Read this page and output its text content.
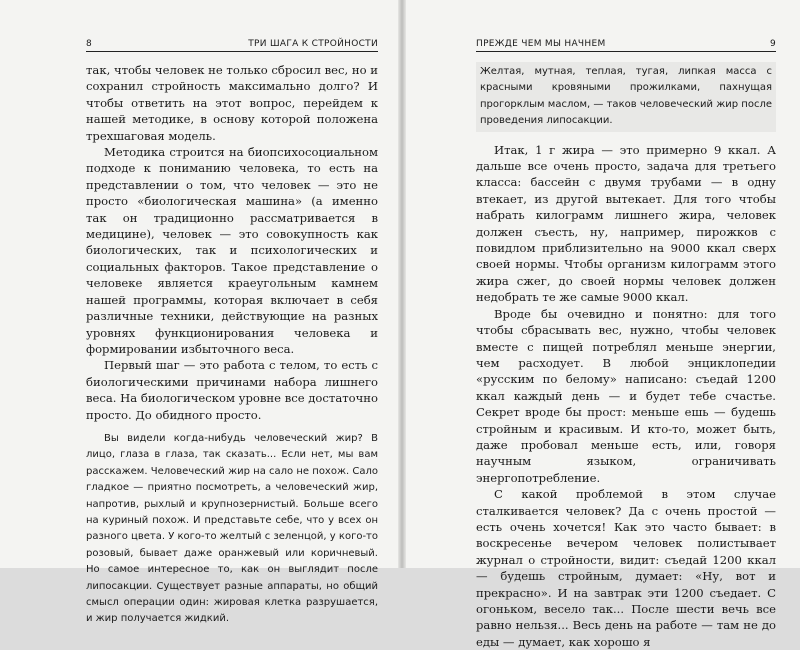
8	ТРИ ШАГА К СТРОЙНОСТИ

так, чтобы человек не только сбросил вес, но и сохранил стройность максимально долго? И чтобы ответить на этот вопрос, перейдем к нашей методике, в основу которой положена трехшаговая модель.

Методика строится на биопсихосоциальном подходе к пониманию человека, то есть на представлении о том, что человек — это не просто «биологическая машина» (а именно так он традиционно рассматривается в медицине), человек — это совокупность как биологических, так и психологических и социальных факторов. Такое представление о человеке является краеугольным камнем нашей программы, которая включает в себя различные техники, действующие на разных уровнях функционирования человека и формировании избыточного веса.

Первый шаг — это работа с телом, то есть с биологическими причинами набора лишнего веса. На биологическом уровне все достаточно просто. До обидного просто.

Вы видели когда-нибудь человеческий жир? В лицо, глаза в глаза, так сказать... Если нет, мы вам расскажем. Человеческий жир на сало не похож. Сало гладкое — приятно посмотреть, а человеческий жир, напротив, рыхлый и крупнозернистый. Больше всего на куриный похож. И представьте себе, что у всех он разного цвета. У кого-то желтый с зеленцой, у кого-то розовый, бывает даже оранжевый или коричневый. Но самое интересное то, как он выглядит после липосакции. Существует разные аппараты, но общий смысл операции один: жировая клетка разрушается, и жир получается жидкий.

ПРЕЖДЕ ЧЕМ МЫ НАЧНЕМ	9

Желтая, мутная, теплая, тугая, липкая масса с красными кровяными прожилками, пахнущая прогорклым маслом, — таков человеческий жир после проведения липосакции.

Итак, 1 г жира — это примерно 9 ккал. А дальше все очень просто, задача для третьего класса: бассейн с двумя трубами — в одну втекает, из другой вытекает. Для того чтобы набрать килограмм лишнего жира, человек должен съесть, ну, например, пирожков с повидлом приблизительно на 9000 ккал сверх своей нормы. Чтобы организм килограмм этого жира сжег, до своей нормы человек должен недобрать те же самые 9000 ккал.

Вроде бы очевидно и понятно: для того чтобы сбрасывать вес, нужно, чтобы человек вместе с пищей потреблял меньше энергии, чем расходует. В любой энциклопедии «русским по белому» написано: съедай 1200 ккал каждый день — и будет тебе счастье. Секрет вроде бы прост: меньше ешь — будешь стройным и красивым. И кто-то, может быть, даже пробовал меньше есть, или, говоря научным языком, ограничивать энергопотребление.

С какой проблемой в этом случае сталкивается человек? Да с очень простой — есть очень хочется! Как это часто бывает: в воскресенье вечером человек полистывает журнал о стройности, видит: съедай 1200 ккал — будешь стройным, думает: «Ну, вот и прекрасно». И на завтрак эти 1200 съедает. С огоньком, весело так... После шести вечь все равно нельзя... Весь день на работе — там не до еды — думает, как хорошо я
